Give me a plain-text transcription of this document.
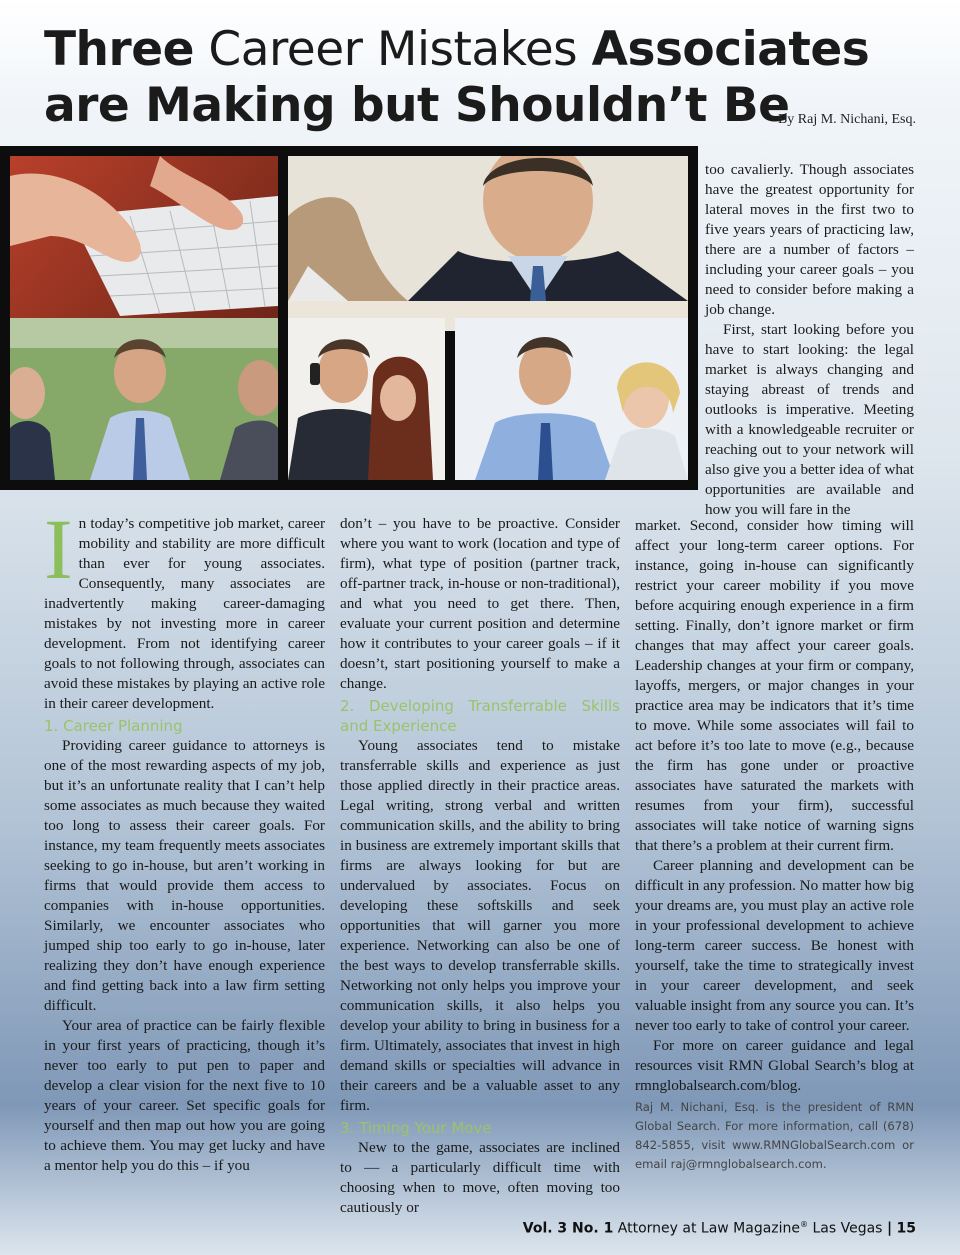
Three Career Mistakes Associates
are Making but Shouldn’t Be
By Raj M. Nichani, Esq.

In today’s competitive job market, career mobility and stability are more difficult than ever for young associates. Consequently, many associates are inadvertently making career-damaging mistakes by not investing more in career development. From not identifying career goals to not following through, associates can avoid these mistakes by playing an active role in their career development.

1. Career Planning

Providing career guidance to attorneys is one of the most rewarding aspects of my job, but it’s an unfortunate reality that I can’t help some associates as much because they waited too long to assess their career goals. For instance, my team frequently meets associates seeking to go in-house, but aren’t working in firms that would provide them access to companies with in-house opportunities. Similarly, we encounter associates who jumped ship too early to go in-house, later realizing they don’t have enough experience and find getting back into a law firm setting difficult.

Your area of practice can be fairly flexible in your first years of practicing, though it’s never too early to put pen to paper and develop a clear vision for the next five to 10 years of your career. Set specific goals for yourself and then map out how you are going to achieve them. You may get lucky and have a mentor help you do this – if you

don’t – you have to be proactive. Consider where you want to work (location and type of firm), what type of position (partner track, off-partner track, in-house or non-traditional), and what you need to get there. Then, evaluate your current position and determine how it contributes to your career goals – if it doesn’t, start positioning yourself to make a change.

2. Developing Transferrable Skills and Experience

Young associates tend to mistake transferrable skills and experience as just those applied directly in their practice areas. Legal writing, strong verbal and written communication skills, and the ability to bring in business are extremely important skills that firms are always looking for but are undervalued by associates. Focus on developing these softskills and seek opportunities that will garner you more experience. Networking can also be one of the best ways to develop transferrable skills. Networking not only helps you improve your communication skills, it also helps you develop your ability to bring in business for a firm. Ultimately, associates that invest in high demand skills or specialties will advance in their careers and be a valuable asset to any firm.

3. Timing Your Move

New to the game, associates are inclined to — a particularly difficult time with choosing when to move, often moving too cautiously or

too cavalierly. Though associates have the greatest opportunity for lateral moves in the first two to five years years of practicing law, there are a number of factors – including your career goals – you need to consider before making a job change.

First, start looking before you have to start looking: the legal market is always changing and staying abreast of trends and outlooks is imperative. Meeting with a knowledgeable recruiter or reaching out to your network will also give you a better idea of what opportunities are available and how you will fare in the

market. Second, consider how timing will affect your long-term career options. For instance, going in-house can significantly restrict your career mobility if you move before acquiring enough experience in a firm setting. Finally, don’t ignore market or firm changes that may affect your career goals. Leadership changes at your firm or company, layoffs, mergers, or major changes in your practice area may be indicators that it’s time to move. While some associates will fail to act before it’s too late to move (e.g., because the firm has gone under or proactive associates have saturated the markets with resumes from your firm), successful associates will take notice of warning signs that there’s a problem at their current firm.

Career planning and development can be difficult in any profession. No matter how big your dreams are, you must play an active role in your professional development to achieve long-term career success. Be honest with yourself, take the time to strategically invest in your career development, and seek valuable insight from any source you can. It’s never too early to take of control your career.

For more on career guidance and legal resources visit RMN Global Search’s blog at rmnglobalsearch.com/blog.

Raj M. Nichani, Esq. is the president of RMN Global Search. For more information, call (678) 842-5855, visit www.RMNGlobalSearch.com or email raj@rmnglobalsearch.com.
Vol. 3 No. 1 Attorney at Law Magazine® Las Vegas | 15
